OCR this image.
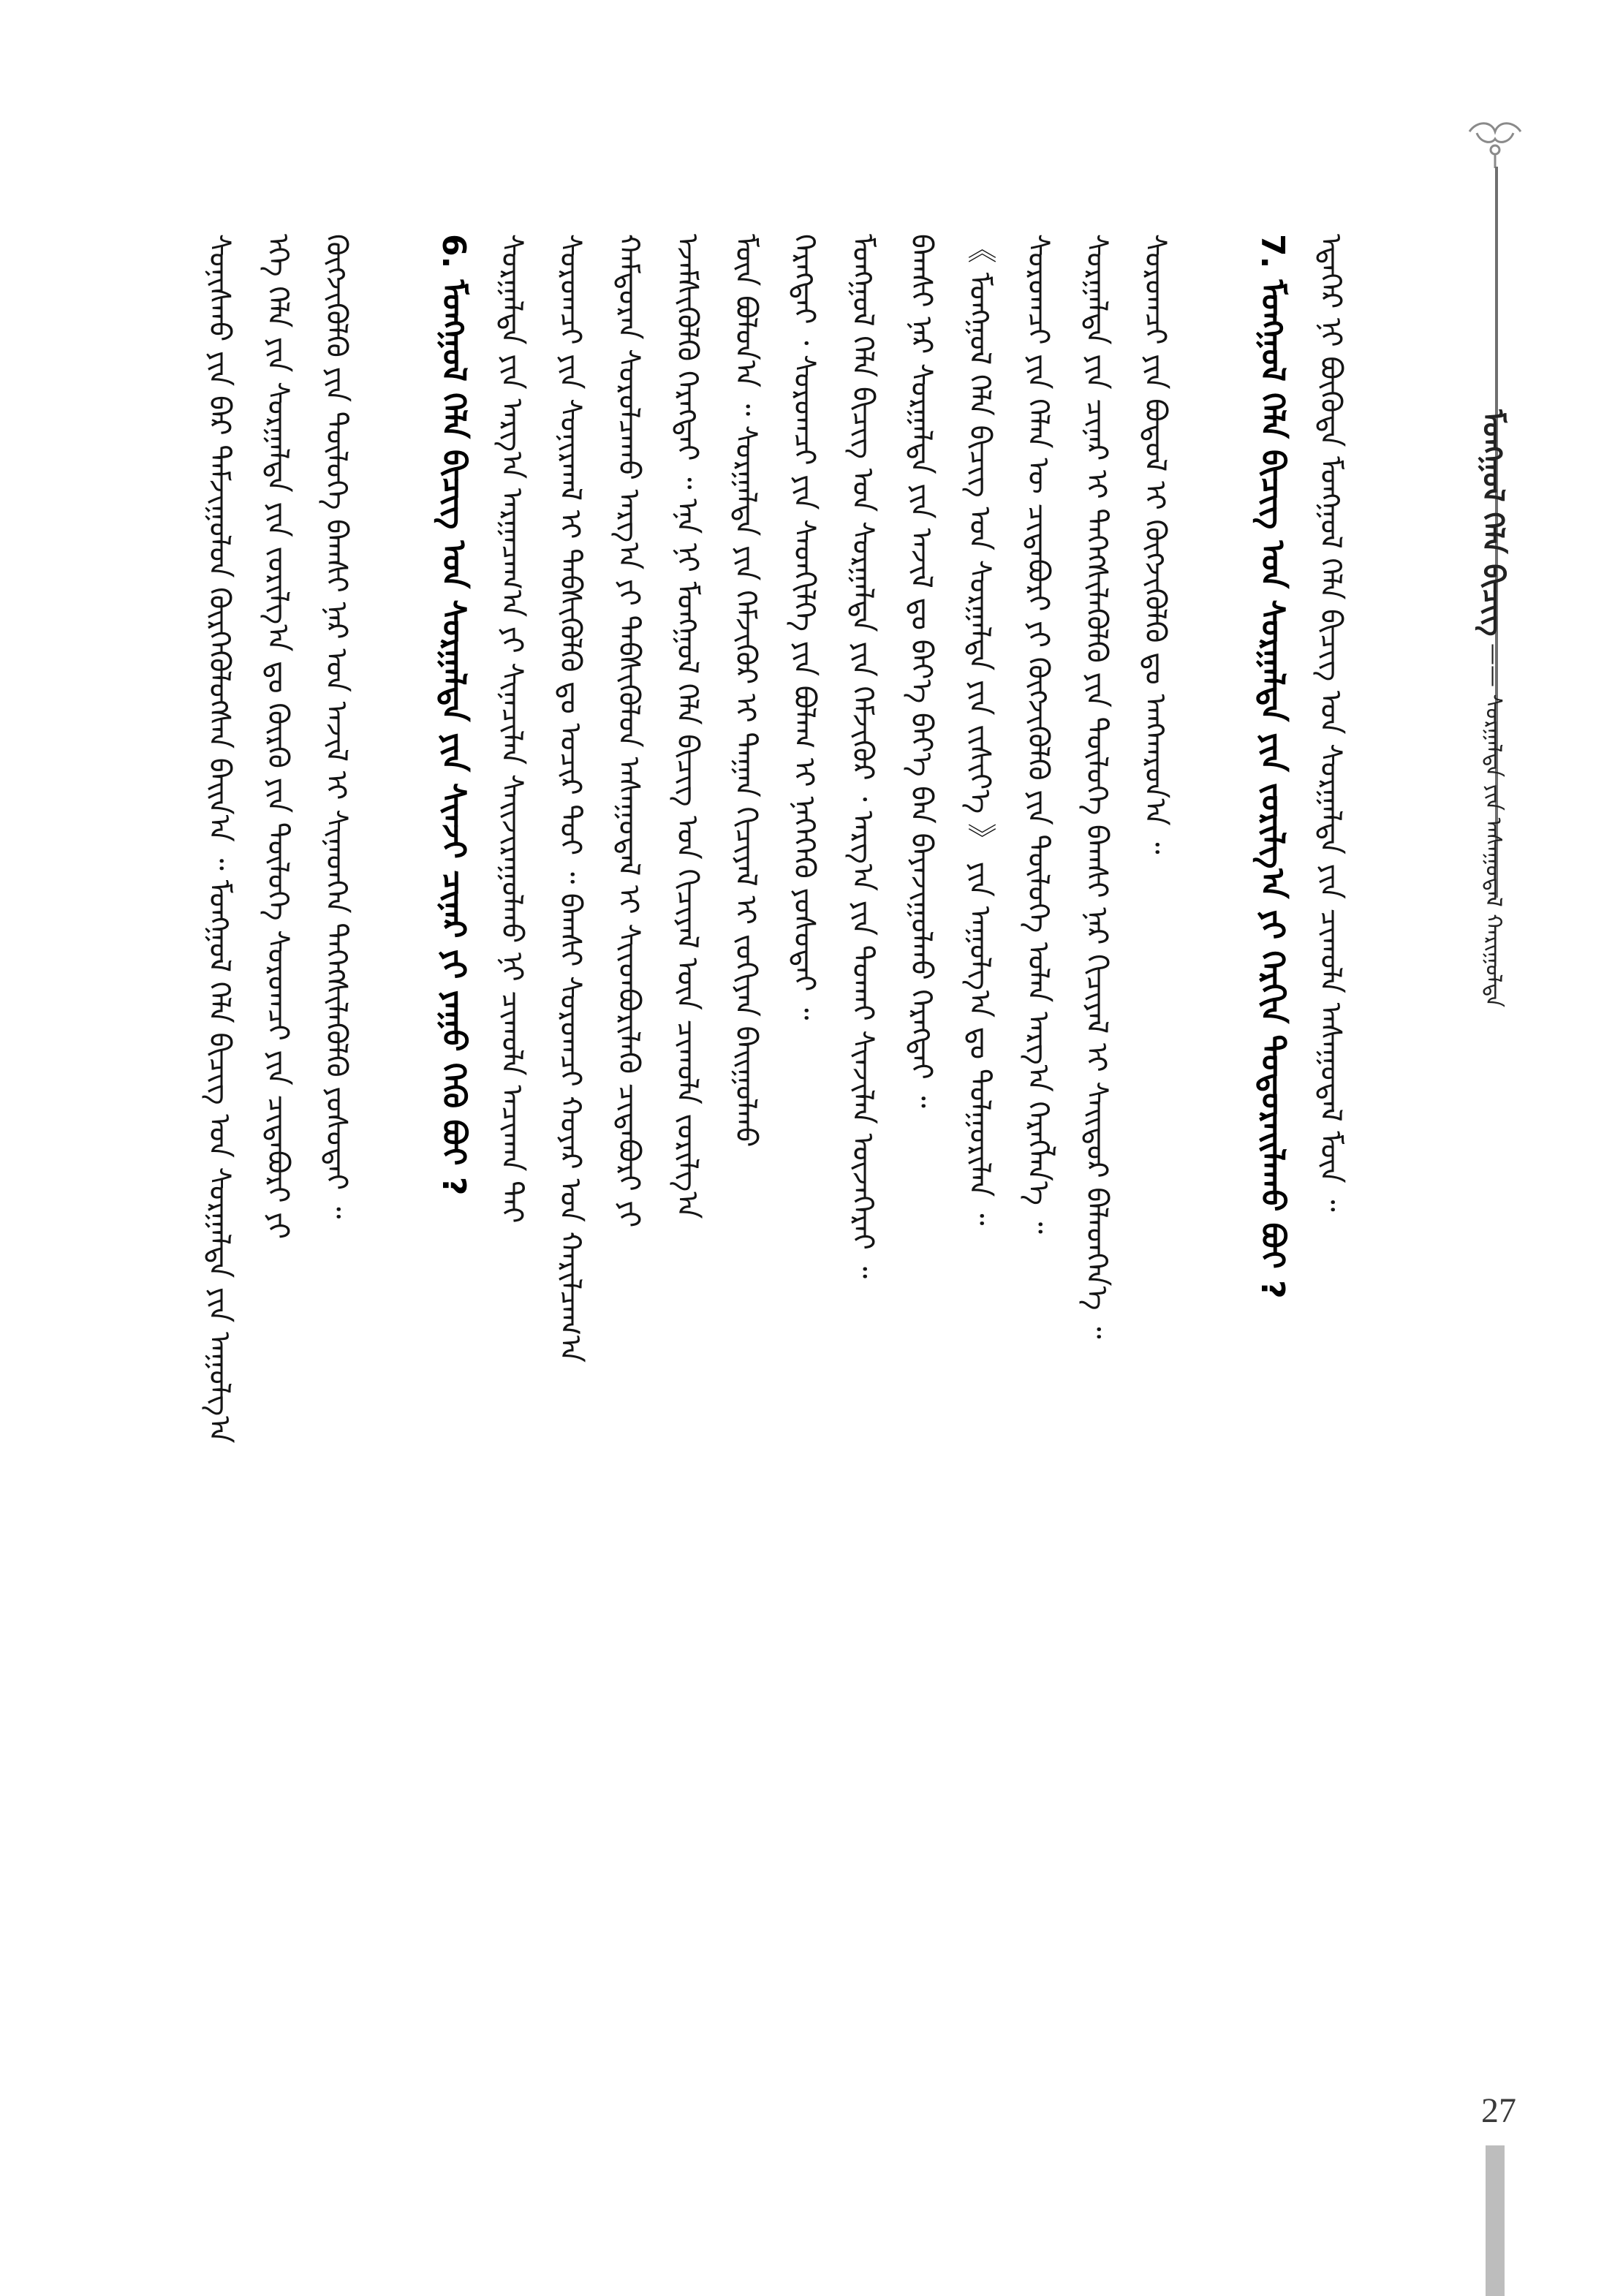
ᠮᠣᠩᠭᠣᠯ ᠬᠡᠯᠡ ᠪᠢᠴᠢᠭ —— ᠰᠤᠷᠭᠠᠯᠲᠠ ᠶᠢᠨ ᠠᠰᠠᠭᠤᠳᠠᠯ ᠬᠠᠷᠢᠭᠤᠯᠲᠠ
ᠰᠣᠨᠢᠰᠬᠤ ᠶᠢᠨ ᠪᠡᠷ ᠳᠠᠮᠵᠢᠭᠤᠯᠤᠨ ᠬᠦᠷᠭᠡᠭᠦᠯᠦᠭᠰᠡᠨ ᠪᠠᠢᠨ᠎ᠠ ᠃ ᠮᠣᠩᠭᠣᠯ ᠬᠡᠯᠡ ᠪᠢᠴᠢᠭ ᠤᠨ ᠰᠤᠷᠭᠠᠯᠲᠠ ᠶᠢᠨ ᠠᠭᠤᠯᠭ᠎ᠠ ᠡᠬᠡ ᠬᠡᠯᠡ ᠶᠢᠨ ᠰᠤᠷᠭᠠᠯᠲᠠ ᠶᠢᠨ ᠵᠣᠷᠢᠯᠭ᠎ᠠ ᠳᠤ ᠬᠦᠷᠬᠦ ᠶᠢᠨ ᠲᠥᠯᠥᠭᠡ ᠰᠤᠷᠤᠭᠴᠢ ᠶᠢᠨ ᠴᠢᠳᠠᠪᠤᠷᠢ ᠶᠢ ᠬᠥᠭᠵᠢᠭᠦᠯᠬᠦ ᠶᠢᠨ ᠲᠥᠯᠥᠭᠡ ᠪᠠᠭᠰᠢ ᠨᠠᠷ ᠤᠨ ᠠᠵᠢᠯ ᠢ ᠰᠢᠨᠡᠳᠬᠡᠨ ᠳᠡᠭᠡᠭᠰᠢᠯᠡᠭᠦᠯᠬᠦ ᠶᠣᠰᠣᠲᠠᠢ ᠃	6. ᠮᠣᠩᠭᠣᠯ ᠬᠡᠯᠡ ᠪᠢᠴᠢᠭ ᠤᠨ ᠰᠤᠷᠭᠠᠯᠲᠠ ᠶᠢᠨ ᠰᠢᠨᠵᠢ ᠴᠢᠨᠠᠷ ᠶᠢ ᠶᠠᠭᠤ ᠭᠡᠬᠦ ᠪᠤᠢ ? ᠰᠤᠷᠭᠠᠯᠲᠠ ᠶᠢᠨ ᠠᠷᠭ᠎ᠠ ᠠᠷᠭᠠᠴᠠᠭ᠎ᠠ ᠶᠢ ᠰᠢᠨᠡᠴᠢᠯᠡᠨ ᠰᠠᠢᠵᠢᠷᠠᠭᠤᠯᠬᠤ ᠨᠢ ᠴᠢᠬᠤᠯᠠ ᠠᠴᠢᠬᠠᠨ ᠲᠠᠢ ᠰᠤᠷᠤᠭᠴᠢ ᠶᠢᠨ ᠰᠣᠨᠢᠷᠬᠠᠯ ᠢ ᠳᠡᠪᠰᠢᠭᠦᠯᠬᠦ ᠳᠤ ᠤᠴᠢᠷ ᠲᠣᠢ ᠃ ᠪᠠᠭᠰᠢ ᠰᠤᠷᠤᠭᠴᠢ ᠬᠣᠶᠠᠷ ᠤᠨ ᠬᠠᠷᠢᠯᠴᠠᠭ᠎ᠠ ᠬᠠᠮᠲᠤᠷᠠᠨ ᠰᠤᠷᠤᠯᠴᠠᠬᠤ ᠠᠷᠭ᠎ᠠ ᠶᠢ ᠳᠡᠪᠰᠢᠭᠦᠯᠦᠨ ᠠᠰᠠᠭᠤᠳᠠᠯ ᠢ ᠰᠢᠢᠳᠪᠦᠷᠢᠯᠡᠬᠦ ᠴᠢᠳᠠᠪᠤᠷᠢ ᠶᠢ ᠡᠵᠡᠮᠰᠢᠭᠦᠯᠬᠦ ᠬᠡᠷᠡᠭᠲᠡᠢ ᠃ ᠡᠨᠡ ᠨᠢ ᠮᠣᠩᠭᠣᠯ ᠬᠡᠯᠡ ᠪᠢᠴᠢᠭ ᠤᠨ ᠬᠢᠴᠢᠶᠡᠯ ᠦᠨ ᠴᠢᠬᠤᠯᠠ ᠵᠣᠷᠢᠯᠭ᠎ᠠ ᠮᠥᠨ ᠪᠣᠯᠤᠨ᠎ᠠ ᠃ ᠰᠤᠷᠭᠠᠯᠲᠠ ᠶᠢᠨ ᠬᠡᠮᠵᠢᠭᠦᠷ ᠢ ᠳᠠᠭᠠᠨ ᠬᠢᠴᠢᠶᠡᠯ ᠢ ᠵᠣᠬᠢᠶᠠᠨ ᠪᠠᠢᠭᠤᠯᠬᠤ ᠬᠡᠷᠡᠭᠲᠡᠢ ᠂ ᠰᠤᠷᠤᠭᠴᠢ ᠶᠢᠨ ᠰᠡᠳᠬᠢᠯᠭᠡ ᠶᠢᠨ ᠪᠤᠯᠠᠭ ᠢ ᠨᠡᠭᠡᠭᠡᠬᠦ ᠶᠣᠰᠣᠲᠠᠢ ᠃ ᠮᠣᠩᠭᠣᠯ ᠬᠡᠯᠡ ᠪᠢᠴᠢᠭ ᠤᠨ ᠰᠤᠷᠭᠠᠯᠲᠠ ᠶᠢᠨ ᠬᠡᠮᠵᠢᠭᠦᠷ ᠂ ᠠᠷᠭ᠎ᠠ ᠶᠢᠨ ᠲᠤᠬᠠᠢ ᠰᠢᠨᠵᠢᠯᠡᠨ ᠦᠵᠡᠭᠡᠷᠡᠢ ᠃ ᠪᠠᠭᠰᠢ ᠨᠠᠷ ᠰᠤᠷᠭᠠᠯᠲᠠ ᠶᠢᠨ ᠠᠵᠢᠯ ᠳᠤ ᠪᠡᠶ᠎ᠡ ᠪᠡᠶ᠎ᠡ ᠪᠡᠨ ᠪᠠᠶᠠᠵᠢᠭᠤᠯᠬᠤ ᠬᠡᠷᠡᠭᠲᠡᠢ ᠃ 《 ᠮᠣᠩᠭᠣᠯ ᠬᠡᠯᠡ ᠪᠢᠴᠢᠭ ᠤᠨ ᠰᠤᠷᠭᠠᠯᠲᠠ ᠶᠢᠨ ᠵᠢᠱᠢᠶ᠎ᠡ 》 ᠶᠢᠨ ᠠᠭᠤᠯᠭ᠎ᠠ ᠳᠤ ᠲᠤᠯᠭᠤᠷᠢᠯᠠᠨ ᠃ ᠰᠤᠷᠤᠭᠴᠢ ᠶᠢᠨ ᠬᠡᠯᠡᠨ ᠦ ᠴᠢᠳᠠᠪᠤᠷᠢ ᠶᠢ ᠬᠥᠭᠵᠢᠭᠦᠯᠬᠦ ᠶᠢᠨ ᠲᠥᠯᠥᠭᠡ ᠣᠯᠠᠨ ᠠᠷᠭ᠎ᠠ ᠬᠡᠷᠡᠭᠯᠡᠨ᠎ᠡ ᠃ ᠰᠤᠷᠭᠠᠯᠲᠠ ᠶᠢᠨ ᠴᠢᠨᠠᠷ ᠢ ᠳᠡᠭᠡᠭᠰᠢᠯᠡᠭᠦᠯᠬᠦ ᠶᠢᠨ ᠲᠥᠯᠥᠭᠡ ᠪᠠᠭᠰᠢ ᠨᠠᠷ ᠬᠢᠴᠢᠶᠡᠯ ᠢ ᠰᠠᠢᠲᠤᠷ ᠪᠡᠯᠡᠳᠬᠡᠨ᠎ᠡ ᠃ ᠰᠤᠷᠤᠭᠴᠢ ᠶᠢᠨ ᠪᠣᠳᠤᠯ ᠢ ᠬᠥᠭᠵᠢᠭᠦᠯᠬᠦ ᠳᠤ ᠠᠩᠬᠠᠷᠤᠨ᠎ᠠ ᠃	7. ᠮᠣᠩᠭᠣᠯ ᠬᠡᠯᠡ ᠪᠢᠴᠢᠭ ᠤᠨ ᠰᠤᠷᠭᠠᠯᠲᠠ ᠶᠢᠨ ᠵᠣᠷᠢᠯᠭ᠎ᠠ ᠶᠢ ᠬᠡᠷᠬᠢᠨ ᠲᠣᠳᠣᠷᠠᠢᠯᠠᠬᠤ ᠪᠤᠢ ? ᠡᠳᠡᠭᠡᠷ ᠨᠢ ᠪᠦᠭᠦᠳᠡ ᠮᠣᠩᠭᠣᠯ ᠬᠡᠯᠡ ᠪᠢᠴᠢᠭ ᠤᠨ ᠰᠤᠷᠭᠠᠯᠲᠠ ᠶᠢᠨ ᠴᠢᠬᠤᠯᠠ ᠠᠰᠠᠭᠤᠳᠠᠯ ᠮᠥᠨ ᠃
27
